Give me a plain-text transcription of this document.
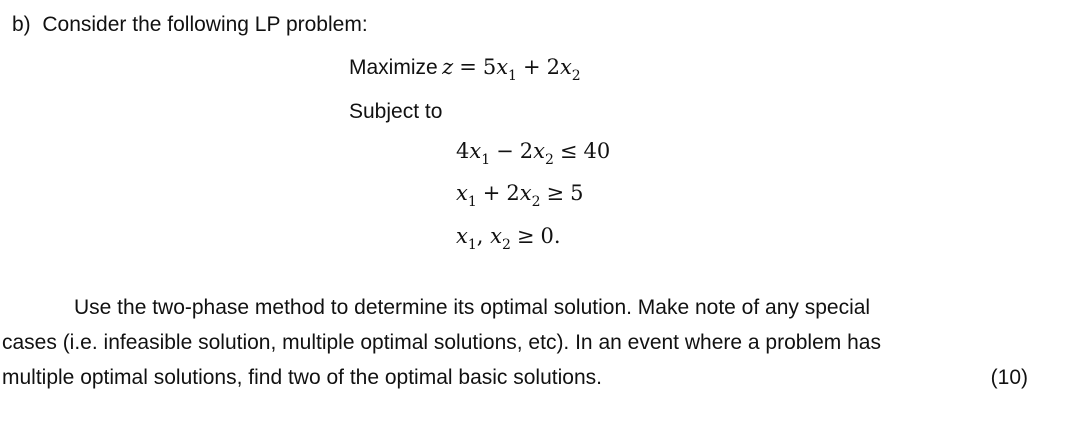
b) Consider the following LP problem:
Maximize $z = 5x_1 + 2x_2$
Subject to
$4x_1 - 2x_2 \le 40$
$x_1 + 2x_2 \ge 5$
$x_1$, $x_2 \ge 0$.
Use the two-phase method to determine its optimal solution. Make note of any special
cases (i.e. infeasible solution, multiple optimal solutions, etc). In an event where a problem has
multiple optimal solutions, find two of the optimal basic solutions.	(10)
